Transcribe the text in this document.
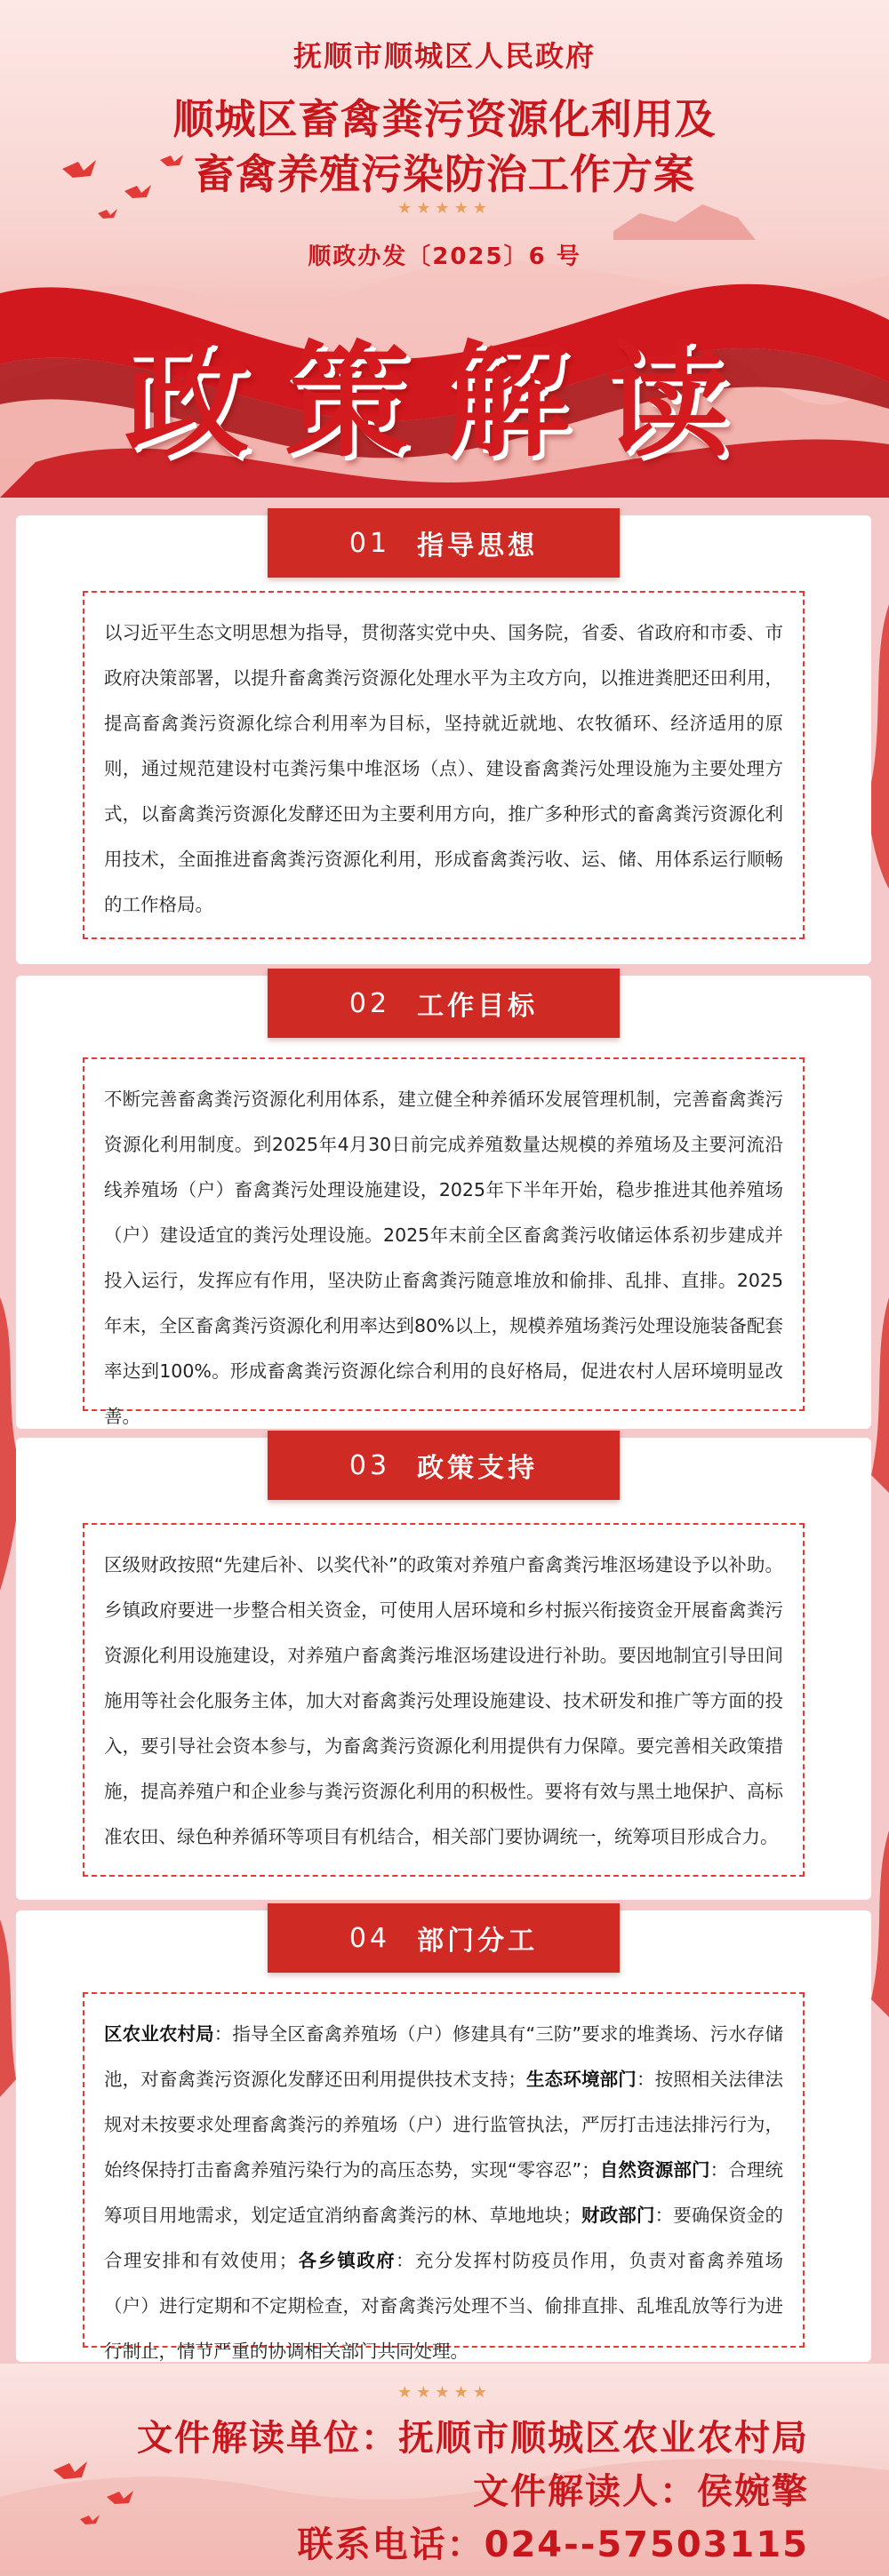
抚顺市顺城区人民政府
顺城区畜禽粪污资源化利用及
畜禽养殖污染防治工作方案
★★★★★
顺政办发〔2025〕6 号
政策解读
01 指导思想

以习近平生态文明思想为指导，贯彻落实党中央、国务院，省委、省政府和市委、市政府决策部署，以提升畜禽粪污资源化处理水平为主攻方向，以推进粪肥还田利用，提高畜禽粪污资源化综合利用率为目标，坚持就近就地、农牧循环、经济适用的原则，通过规范建设村屯粪污集中堆沤场（点）、建设畜禽粪污处理设施为主要处理方式，以畜禽粪污资源化发酵还田为主要利用方向，推广多种形式的畜禽粪污资源化利用技术，全面推进畜禽粪污资源化利用，形成畜禽粪污收、运、储、用体系运行顺畅的工作格局。

02 工作目标

不断完善畜禽粪污资源化利用体系，建立健全种养循环发展管理机制，完善畜禽粪污资源化利用制度。到2025年4月30日前完成养殖数量达规模的养殖场及主要河流沿线养殖场（户）畜禽粪污处理设施建设，2025年下半年开始，稳步推进其他养殖场（户）建设适宜的粪污处理设施。2025年末前全区畜禽粪污收储运体系初步建成并投入运行，发挥应有作用，坚决防止畜禽粪污随意堆放和偷排、乱排、直排。2025年末，全区畜禽粪污资源化利用率达到80%以上，规模养殖场粪污处理设施装备配套率达到100%。形成畜禽粪污资源化综合利用的良好格局，促进农村人居环境明显改善。

03 政策支持

区级财政按照“先建后补、以奖代补”的政策对养殖户畜禽粪污堆沤场建设予以补助。乡镇政府要进一步整合相关资金，可使用人居环境和乡村振兴衔接资金开展畜禽粪污资源化利用设施建设，对养殖户畜禽粪污堆沤场建设进行补助。要因地制宜引导田间施用等社会化服务主体，加大对畜禽粪污处理设施建设、技术研发和推广等方面的投入，要引导社会资本参与，为畜禽粪污资源化利用提供有力保障。要完善相关政策措施，提高养殖户和企业参与粪污资源化利用的积极性。要将有效与黑土地保护、高标准农田、绿色种养循环等项目有机结合，相关部门要协调统一，统筹项目形成合力。

04 部门分工

区农业农村局：指导全区畜禽养殖场（户）修建具有“三防”要求的堆粪场、污水存储池，对畜禽粪污资源化发酵还田利用提供技术支持；生态环境部门：按照相关法律法规对未按要求处理畜禽粪污的养殖场（户）进行监管执法，严厉打击违法排污行为，始终保持打击畜禽养殖污染行为的高压态势，实现“零容忍”；自然资源部门：合理统筹项目用地需求，划定适宜消纳畜禽粪污的林、草地地块；财政部门：要确保资金的合理安排和有效使用；各乡镇政府：充分发挥村防疫员作用，负责对畜禽养殖场（户）进行定期和不定期检查，对畜禽粪污处理不当、偷排直排、乱堆乱放等行为进行制止，情节严重的协调相关部门共同处理。

★★★★★
文件解读单位：抚顺市顺城区农业农村局
文件解读人：侯婉擎
联系电话：024--57503115
